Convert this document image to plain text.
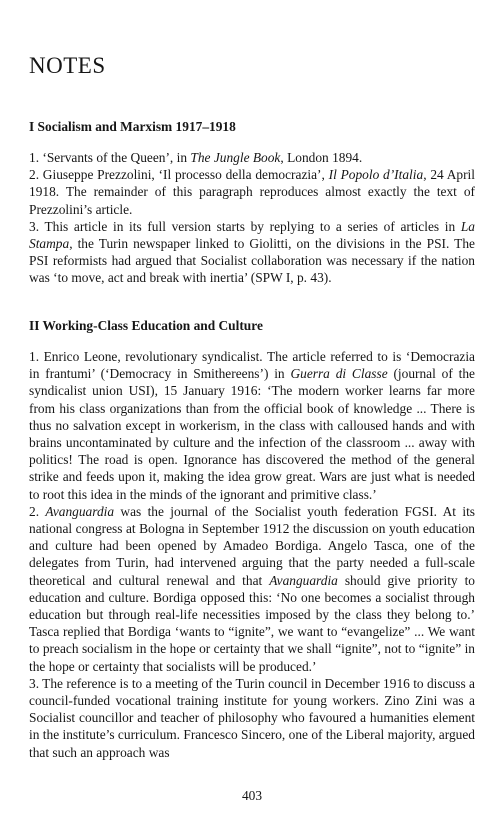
NOTES
I Socialism and Marxism 1917–1918

1. ‘Servants of the Queen’, in The Jungle Book, London 1894.

2. Giuseppe Prezzolini, ‘Il processo della democrazia’, Il Popolo d’Italia, 24 April 1918. The remainder of this paragraph reproduces almost exactly the text of Prezzolini’s article.

3. This article in its full version starts by replying to a series of articles in La Stampa, the Turin newspaper linked to Giolitti, on the divisions in the PSI. The PSI reformists had argued that Socialist collaboration was necessary if the nation was ‘to move, act and break with inertia’ (SPW I, p. 43).

II Working-Class Education and Culture

1. Enrico Leone, revolutionary syndicalist. The article referred to is ‘Democrazia in frantumi’ (‘Democracy in Smithereens’) in Guerra di Classe (journal of the syndicalist union USI), 15 January 1916: ‘The modern worker learns far more from his class organizations than from the official book of knowledge ... There is thus no salvation except in workerism, in the class with calloused hands and with brains uncontaminated by culture and the infection of the classroom ... away with politics! The road is open. Ignorance has discovered the method of the general strike and feeds upon it, making the idea grow great. Wars are just what is needed to root this idea in the minds of the ignorant and primitive class.’

2. Avanguardia was the journal of the Socialist youth federation FGSI. At its national congress at Bologna in September 1912 the discussion on youth education and culture had been opened by Amadeo Bordiga. Angelo Tasca, one of the delegates from Turin, had intervened arguing that the party needed a full-scale theoretical and cultural renewal and that Avanguardia should give priority to education and culture. Bordiga opposed this: ‘No one becomes a socialist through education but through real-life necessities imposed by the class they belong to.’ Tasca replied that Bordiga ‘wants to “ignite”, we want to “evangelize” ... We want to preach socialism in the hope or certainty that we shall “ignite”, not to “ignite” in the hope or certainty that socialists will be produced.’

3. The reference is to a meeting of the Turin council in December 1916 to discuss a council-funded vocational training institute for young workers. Zino Zini was a Socialist councillor and teacher of philosophy who favoured a humanities element in the institute’s curriculum. Francesco Sincero, one of the Liberal majority, argued that such an approach was

403
